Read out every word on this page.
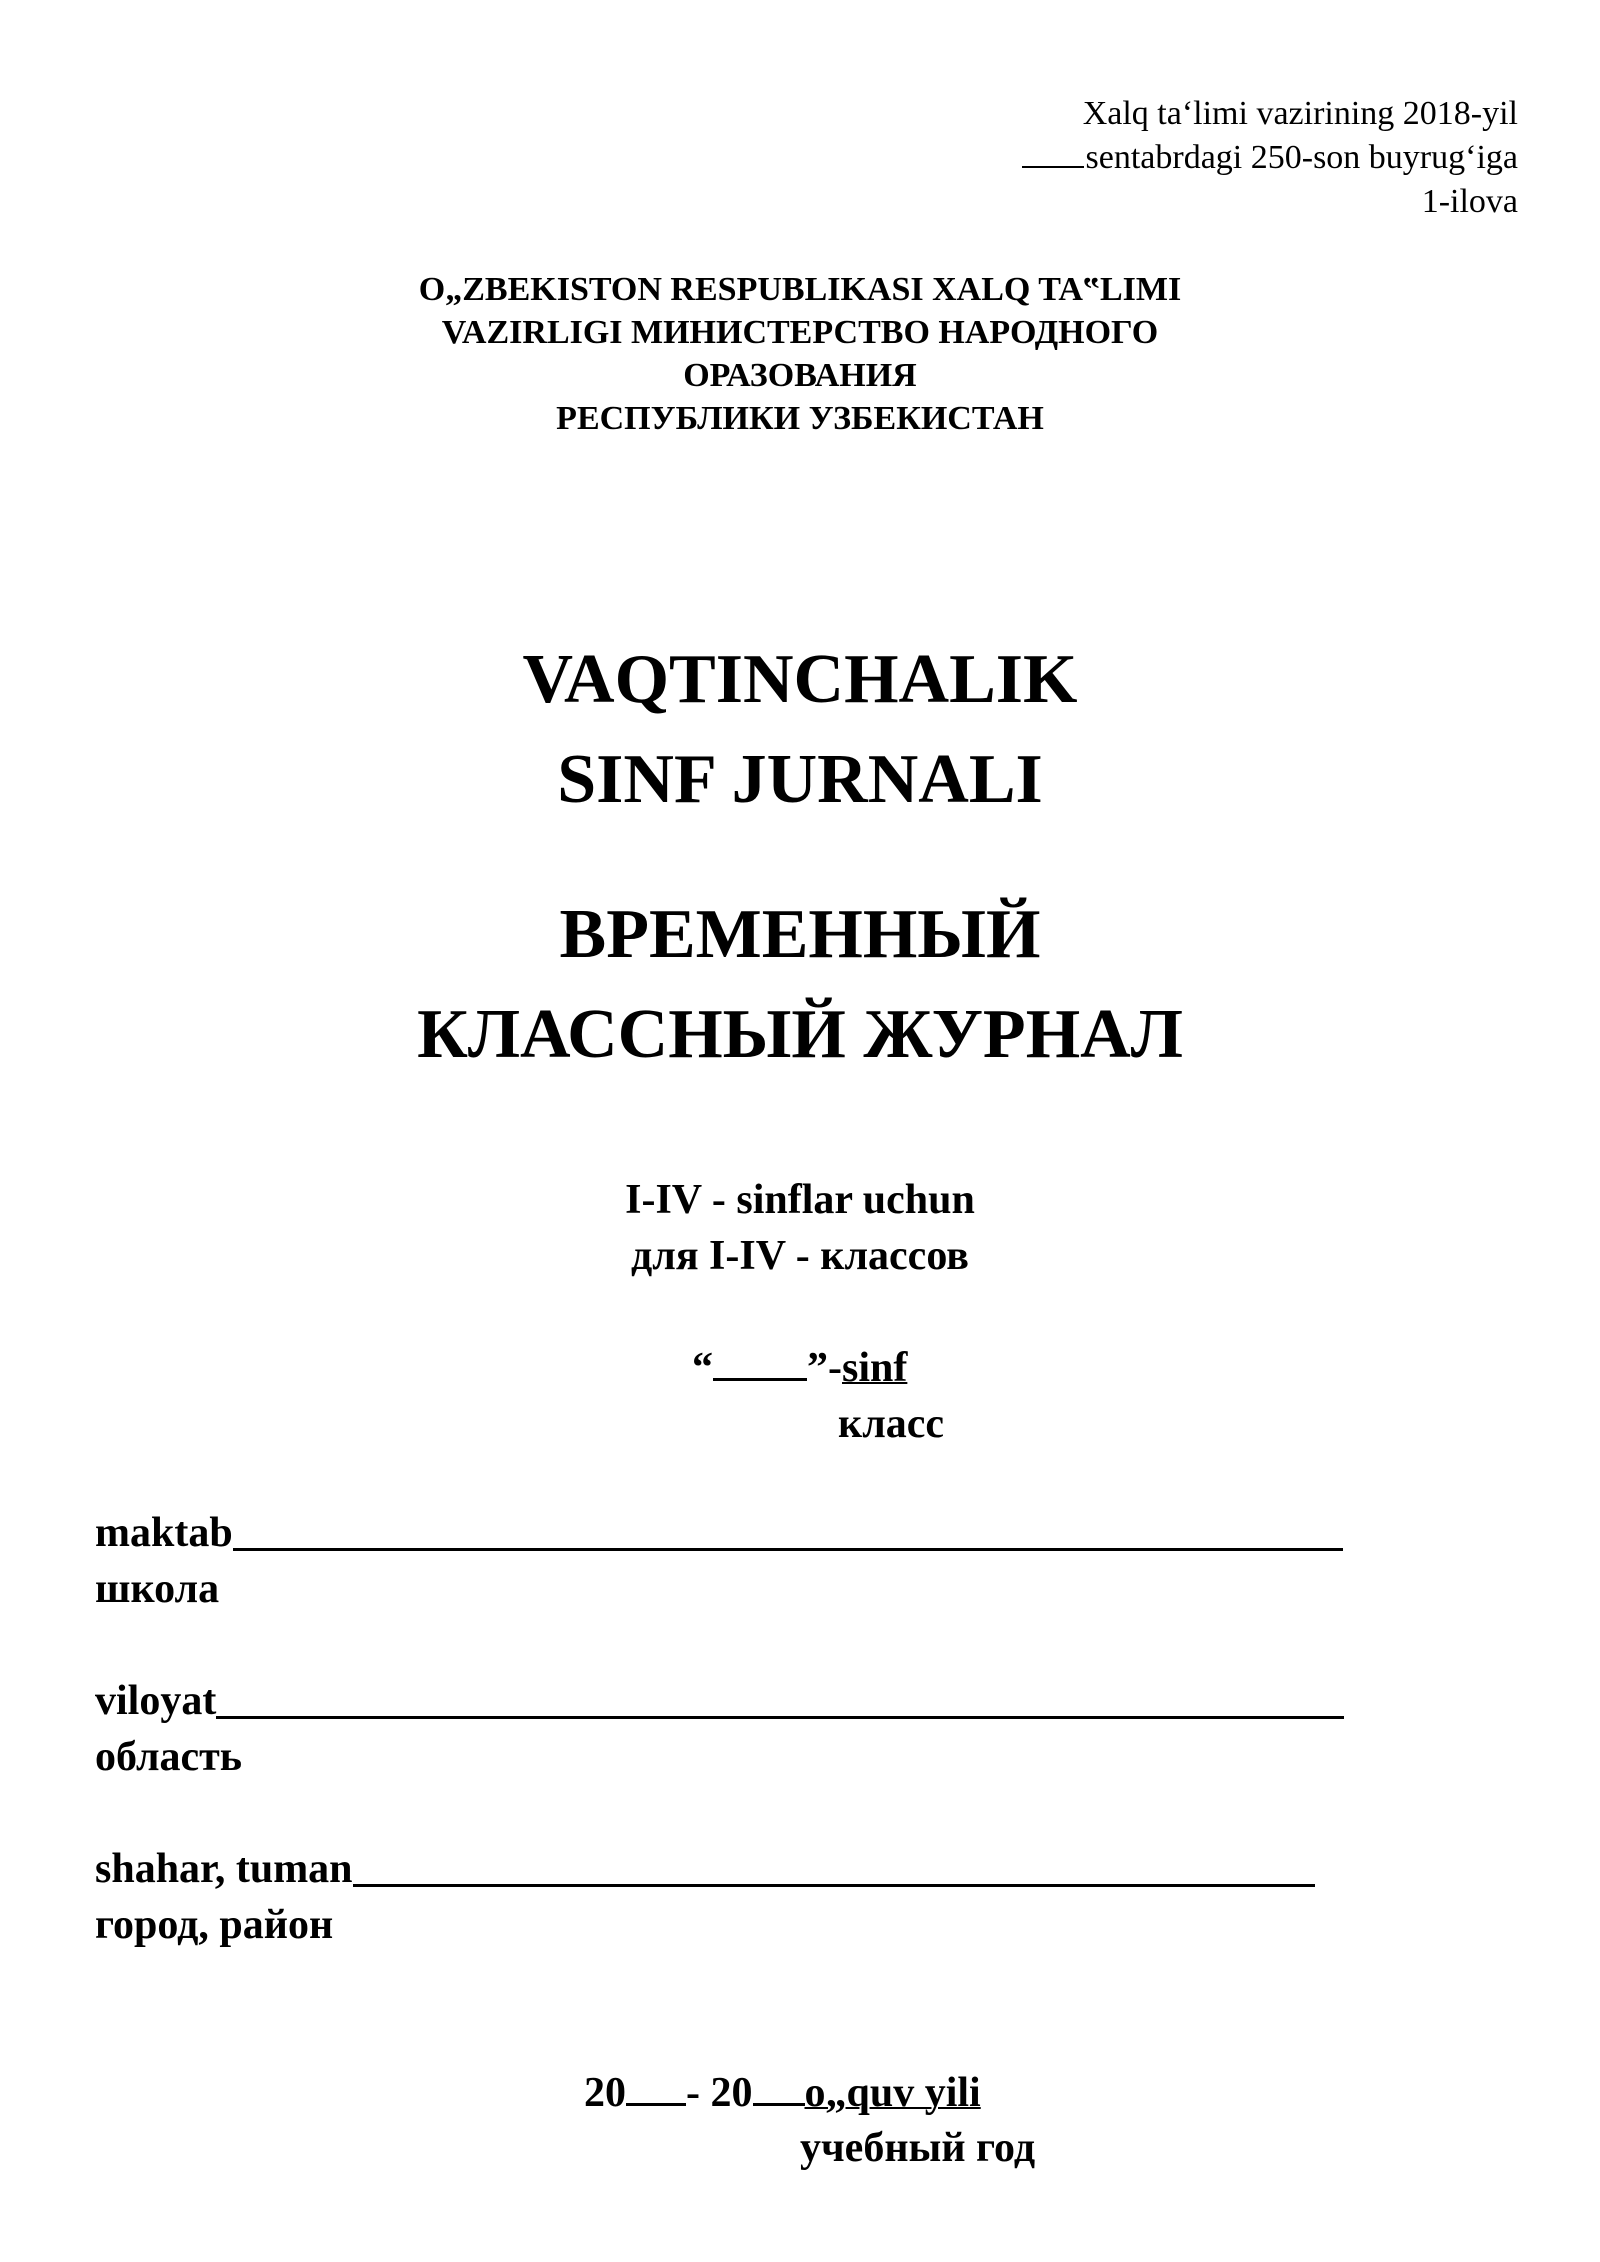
Xalq ta‘limi vazirining 2018-yil
sentabrdagi 250-son buyrug‘iga
1-ilova
O„ZBEKISTON RESPUBLIKASI XALQ TA‟LIMI
VAZIRLIGI МИНИСТЕРСТВО НАРОДНОГО
ОРАЗОВАНИЯ
РЕСПУБЛИКИ УЗБЕКИСТАН
VAQTINCHALIK
SINF JURNALI
ВРЕМЕННЫЙ
КЛАССНЫЙ ЖУРНАЛ
I-IV - sinflar uchun
для I-IV - классов
“ ”-sinf
класс
maktab
школа
viloyat
область
shahar, tuman
город, район
20 - 20 o„quv yili
учебный год
